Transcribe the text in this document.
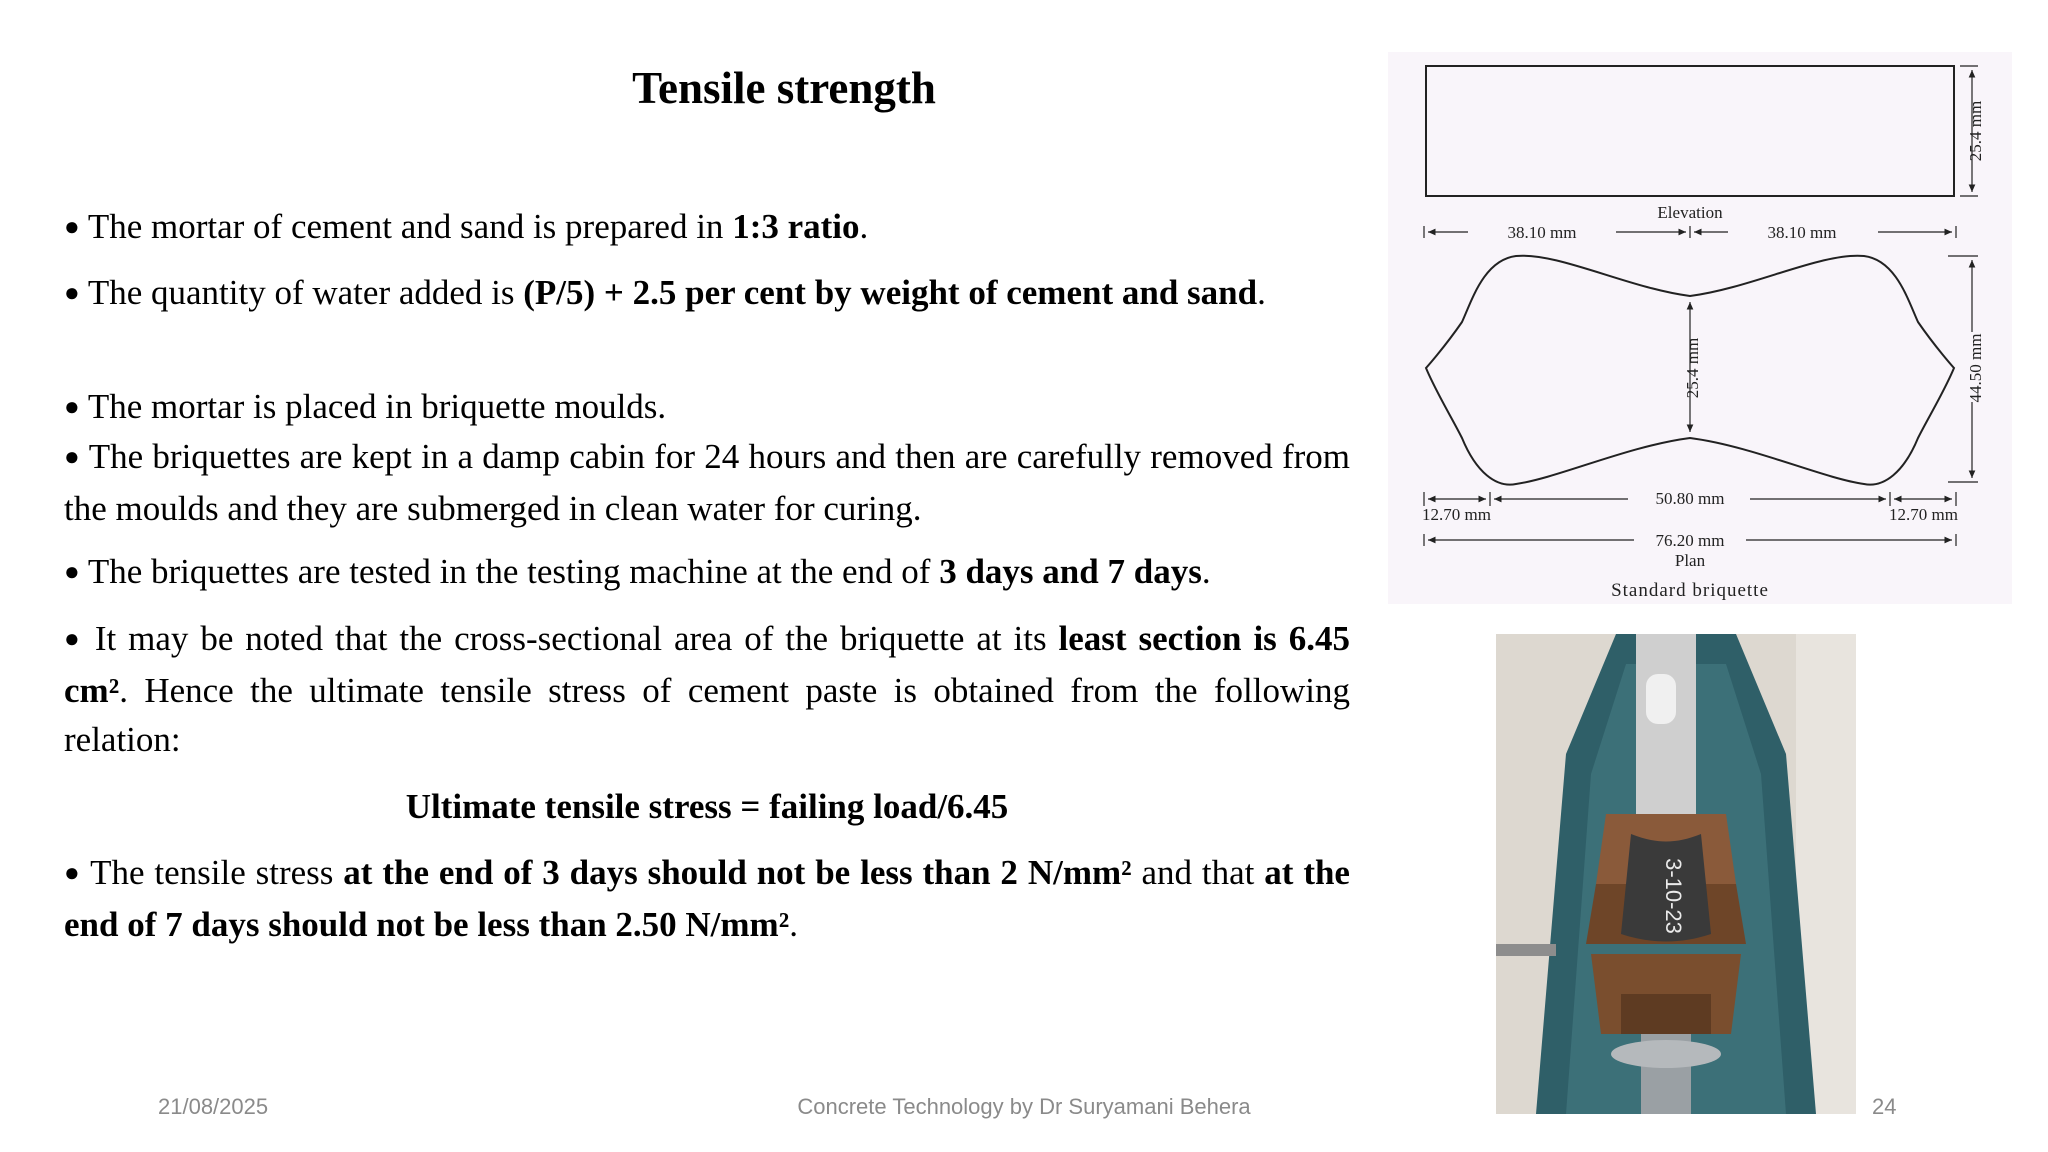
Tensile strength
● The mortar of cement and sand is prepared in 1:3 ratio.
● The quantity of water added is (P/5) + 2.5 per cent by weight of cement and sand.
● The mortar is placed in briquette moulds.
● The briquettes are kept in a damp cabin for 24 hours and then are carefully removed from the moulds and they are submerged in clean water for curing.
● The briquettes are tested in the testing machine at the end of 3 days and 7 days.
● It may be noted that the cross-sectional area of the briquette at its least section is 6.45 cm². Hence the ultimate tensile stress of cement paste is obtained from the following relation:
Ultimate tensile stress = failing load/6.45
● The tensile stress at the end of 3 days should not be less than 2 N/mm² and that at the end of 7 days should not be less than 2.50 N/mm².
25.4 mm
Elevation
38.10 mm	38.10 mm
25.4 mm	44.50 mm
50.80 mm
12.70 mm	12.70 mm
76.20 mm
Plan
Standard briquette
3-10-23
21/08/2025	Concrete Technology by Dr Suryamani Behera	24
